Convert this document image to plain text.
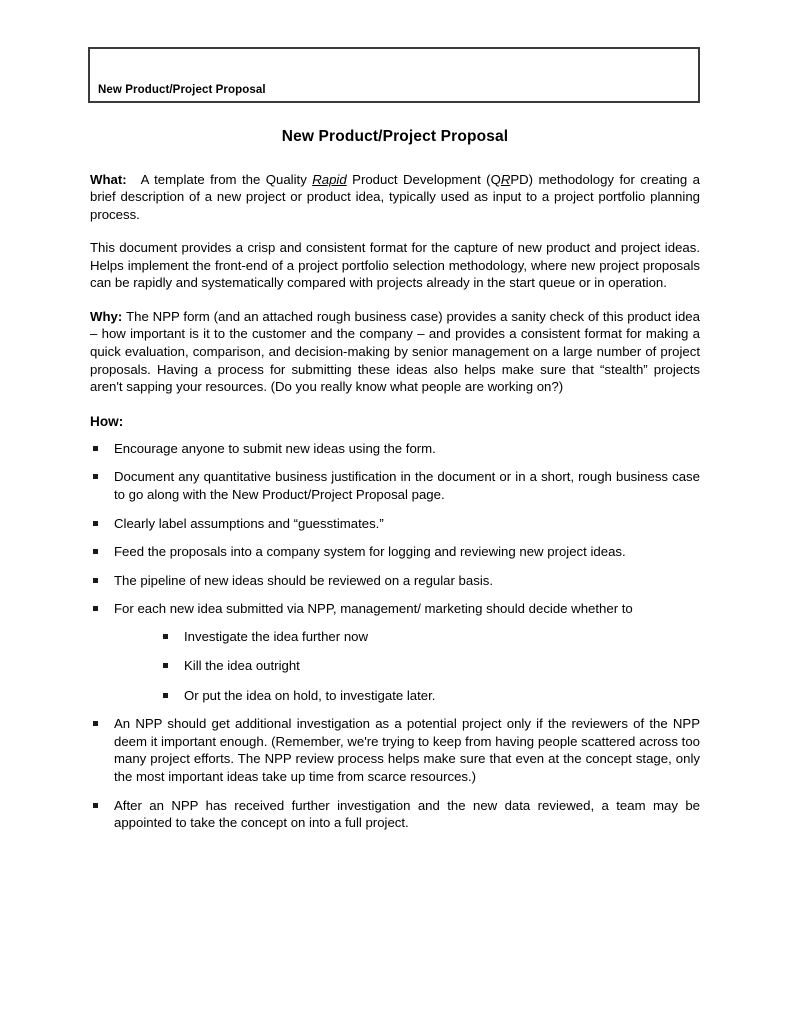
New Product/Project Proposal
New Product/Project Proposal

What: A template from the Quality Rapid Product Development (QRPD) methodology for creating a brief description of a new project or product idea, typically used as input to a project portfolio planning process.

This document provides a crisp and consistent format for the capture of new product and project ideas. Helps implement the front-end of a project portfolio selection methodology, where new project proposals can be rapidly and systematically compared with projects already in the start queue or in operation.

Why: The NPP form (and an attached rough business case) provides a sanity check of this product idea – how important is it to the customer and the company – and provides a consistent format for making a quick evaluation, comparison, and decision-making by senior management on a large number of project proposals. Having a process for submitting these ideas also helps make sure that “stealth” projects aren't sapping your resources. (Do you really know what people are working on?)

How:
Encourage anyone to submit new ideas using the form.
Document any quantitative business justification in the document or in a short, rough business case to go along with the New Product/Project Proposal page.
Clearly label assumptions and “guesstimates.”
Feed the proposals into a company system for logging and reviewing new project ideas.
The pipeline of new ideas should be reviewed on a regular basis.
For each new idea submitted via NPP, management/ marketing should decide whether to
Investigate the idea further now
Kill the idea outright
Or put the idea on hold, to investigate later.
An NPP should get additional investigation as a potential project only if the reviewers of the NPP deem it important enough. (Remember, we're trying to keep from having people scattered across too many project efforts. The NPP review process helps make sure that even at the concept stage, only the most important ideas take up time from scarce resources.)
After an NPP has received further investigation and the new data reviewed, a team may be appointed to take the concept on into a full project.
